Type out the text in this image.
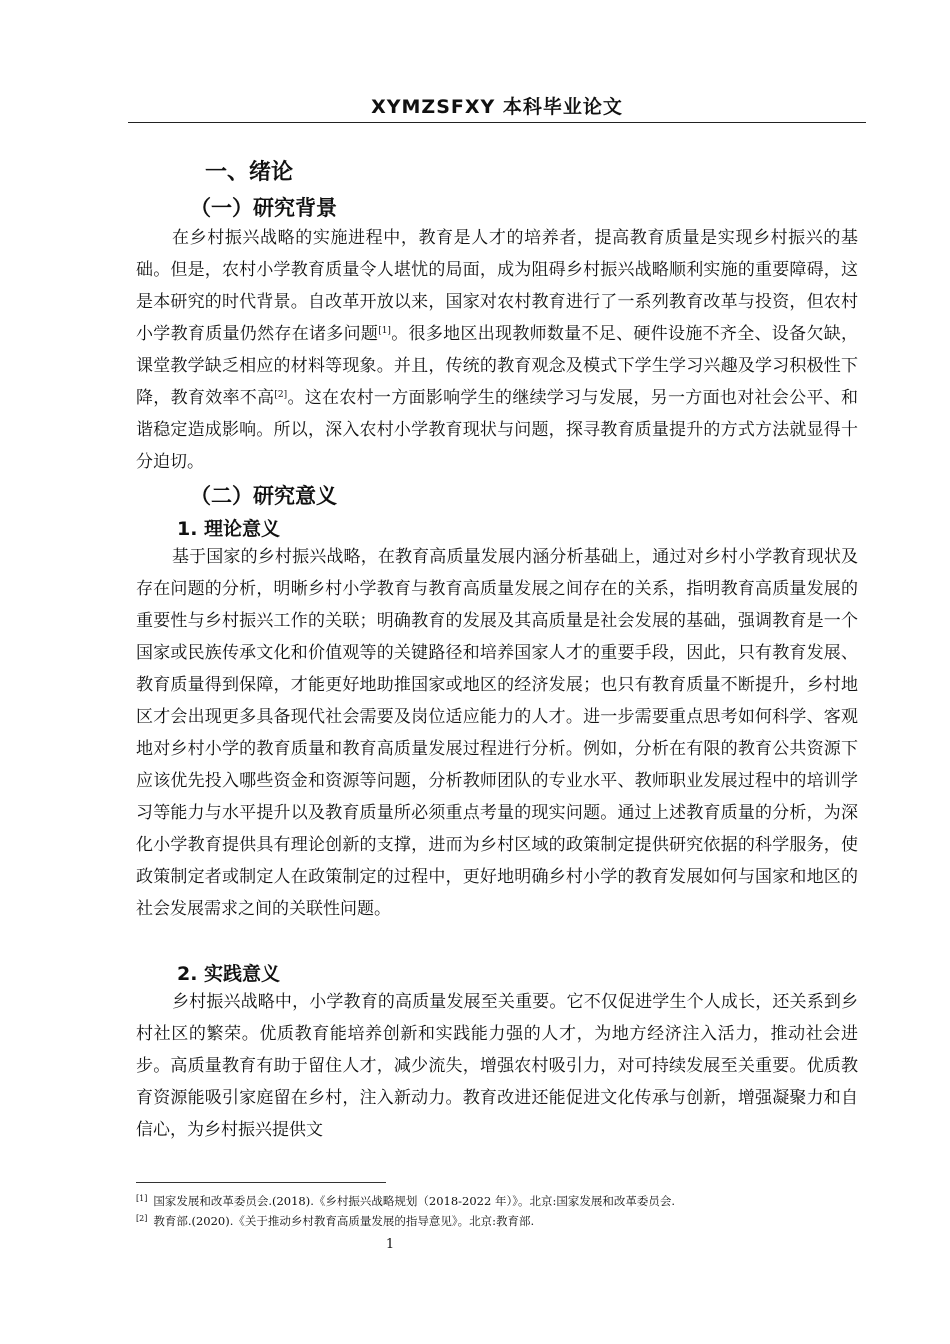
XYMZSFXY 本科毕业论文
一、绪论
（一）研究背景

在乡村振兴战略的实施进程中，教育是人才的培养者，提高教育质量是实现乡村振兴的基础。但是，农村小学教育质量令人堪忧的局面，成为阻碍乡村振兴战略顺利实施的重要障碍，这是本研究的时代背景。自改革开放以来，国家对农村教育进行了一系列教育改革与投资，但农村小学教育质量仍然存在诸多问题[1]。很多地区出现教师数量不足、硬件设施不齐全、设备欠缺，课堂教学缺乏相应的材料等现象。并且，传统的教育观念及模式下学生学习兴趣及学习积极性下降，教育效率不高[2]。这在农村一方面影响学生的继续学习与发展，另一方面也对社会公平、和谐稳定造成影响。所以，深入农村小学教育现状与问题，探寻教育质量提升的方式方法就显得十分迫切。

（二）研究意义
1. 理论意义

基于国家的乡村振兴战略，在教育高质量发展内涵分析基础上，通过对乡村小学教育现状及存在问题的分析，明晰乡村小学教育与教育高质量发展之间存在的关系，指明教育高质量发展的重要性与乡村振兴工作的关联；明确教育的发展及其高质量是社会发展的基础，强调教育是一个国家或民族传承文化和价值观等的关键路径和培养国家人才的重要手段，因此，只有教育发展、教育质量得到保障，才能更好地助推国家或地区的经济发展；也只有教育质量不断提升，乡村地区才会出现更多具备现代社会需要及岗位适应能力的人才。进一步需要重点思考如何科学、客观地对乡村小学的教育质量和教育高质量发展过程进行分析。例如，分析在有限的教育公共资源下应该优先投入哪些资金和资源等问题，分析教师团队的专业水平、教师职业发展过程中的培训学习等能力与水平提升以及教育质量所必须重点考量的现实问题。通过上述教育质量的分析，为深化小学教育提供具有理论创新的支撑，进而为乡村区域的政策制定提供研究依据的科学服务，使政策制定者或制定人在政策制定的过程中，更好地明确乡村小学的教育发展如何与国家和地区的社会发展需求之间的关联性问题。

2. 实践意义

乡村振兴战略中，小学教育的高质量发展至关重要。它不仅促进学生个人成长，还关系到乡村社区的繁荣。优质教育能培养创新和实践能力强的人才，为地方经济注入活力，推动社会进步。高质量教育有助于留住人才，减少流失，增强农村吸引力，对可持续发展至关重要。优质教育资源能吸引家庭留在乡村，注入新动力。教育改进还能促进文化传承与创新，增强凝聚力和自信心，为乡村振兴提供文

[1] 国家发展和改革委员会.(2018).《乡村振兴战略规划（2018-2022 年）》。北京:国家发展和改革委员会.

[2] 教育部.(2020).《关于推动乡村教育高质量发展的指导意见》。北京:教育部.

1
